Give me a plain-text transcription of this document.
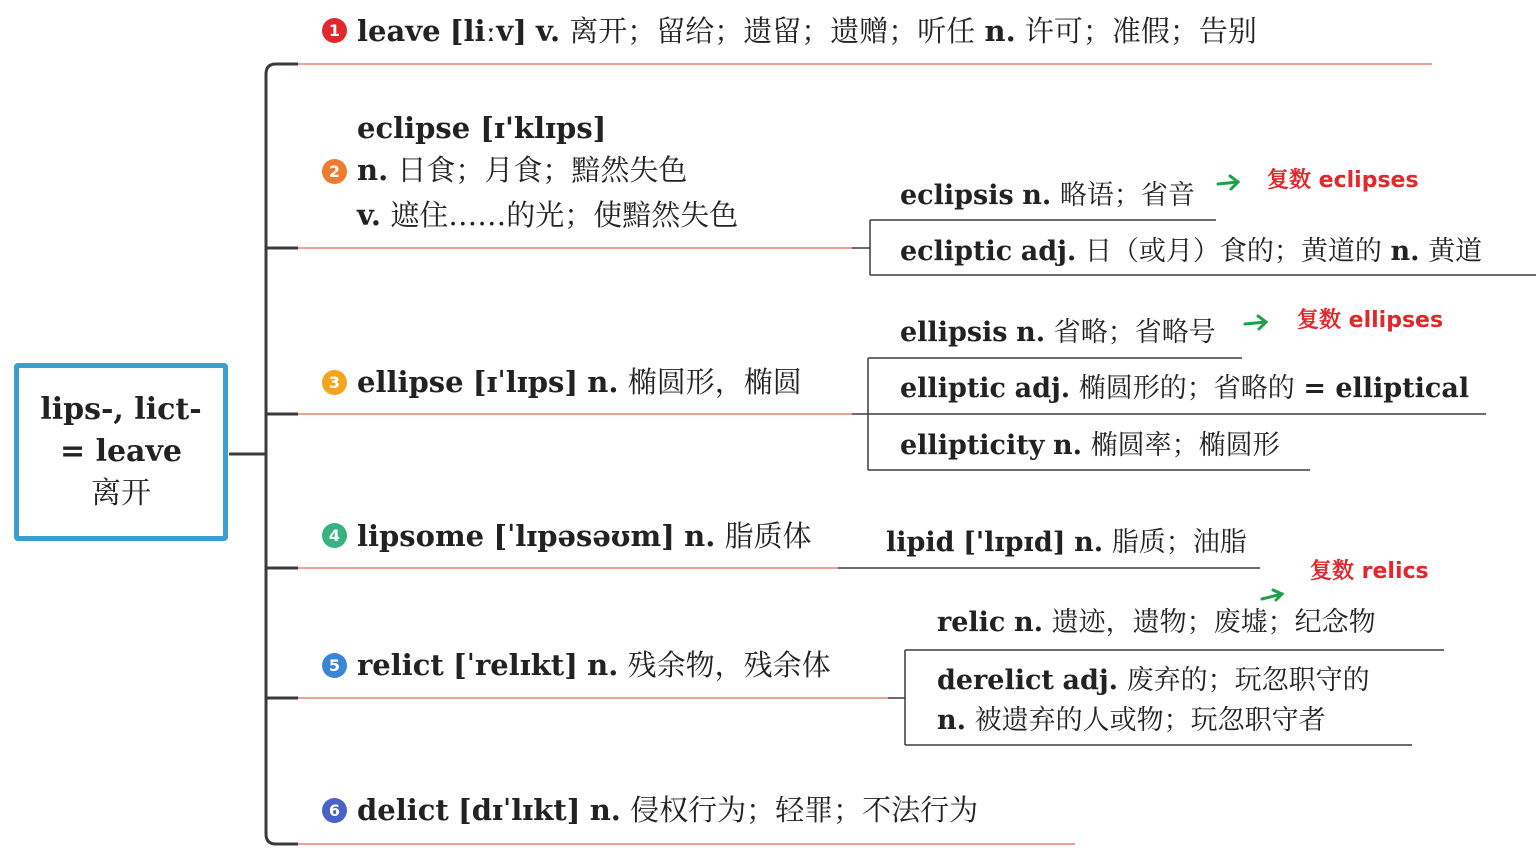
lips-, lict-
= leave
离开
1 leave [liːv] v. 离开；留给；遗留；遗赠；听任 n. 许可；准假；告别
2
eclipse [ɪ'klɪps]
n. 日食；月食；黯然失色
v. 遮住……的光；使黯然失色
eclipsis n. 略语；省音	复数 eclipses
ecliptic adj. 日（或月）食的；黄道的 n. 黄道
3 ellipse [ɪˈlɪps] n. 椭圆形，椭圆
ellipsis n. 省略；省略号	复数 ellipses
elliptic adj. 椭圆形的；省略的 = elliptical
ellipticity n. 椭圆率；椭圆形
4 lipsome [ˈlɪpəsəʊm] n. 脂质体	lipid ['lɪpɪd] n. 脂质；油脂
5 relict [ˈrelɪkt] n. 残余物，残余体
复数 relics
relic n. 遗迹，遗物；废墟；纪念物
derelict adj. 废弃的；玩忽职守的
n. 被遗弃的人或物；玩忽职守者
6 delict [dɪˈlɪkt] n. 侵权行为；轻罪；不法行为
